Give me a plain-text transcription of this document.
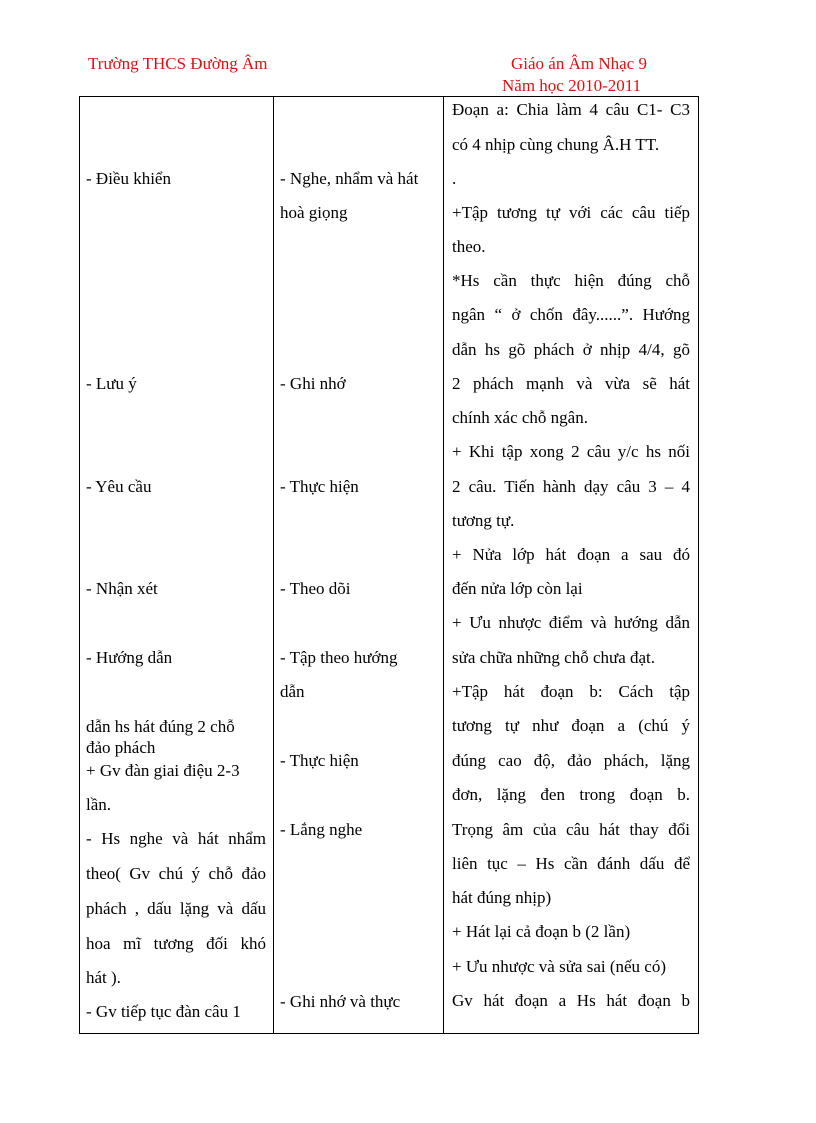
Trường THCS Đường Âm	Giáo án Âm Nhạc 9
Năm học 2010-2011
- Điều khiển
- Lưu ý
- Yêu cầu
- Nhận xét
- Hướng dẫn
dẫn hs hát đúng 2 chỗ
đảo phách
+ Gv đàn giai điệu 2-3
lần.
- Hs nghe và hát nhẩm
theo( Gv chú ý chỗ đảo
phách , dấu lặng và dấu
hoa mĩ tương đối khó
hát ).
- Gv tiếp tục đàn câu 1
- Nghe, nhẩm và hát
hoà giọng
- Ghi nhớ
- Thực hiện
- Theo dõi
- Tập theo hướng
dẫn
- Thực hiện
- Lắng nghe
- Ghi nhớ và thực
Đoạn a: Chia làm 4 câu C1- C3
có 4 nhịp cùng chung Â.H TT.
.
+Tập tương tự với các câu tiếp
theo.
*Hs cần thực hiện đúng chỗ
ngân “ ở chốn đây......”. Hướng
dẫn hs gõ phách ở nhịp 4/4, gõ
2 phách mạnh và vừa sẽ hát
chính xác chỗ ngân.
+ Khi tập xong 2 câu y/c hs nối
2 câu. Tiến hành dạy câu 3 – 4
tương tự.
+ Nửa lớp hát đoạn a sau đó
đến nửa lớp còn lại
+ Ưu nhược điểm và hướng dẫn
sửa chữa những chỗ chưa đạt.
+Tập hát đoạn b: Cách tập
tương tự như đoạn a (chú ý
đúng cao độ, đảo phách, lặng
đơn, lặng đen trong đoạn b.
Trọng âm của câu hát thay đổi
liên tục – Hs cần đánh dấu để
hát đúng nhịp)
+ Hát lại cả đoạn b (2 lần)
+ Ưu nhược và sửa sai (nếu có)
Gv hát đoạn a Hs hát đoạn b
